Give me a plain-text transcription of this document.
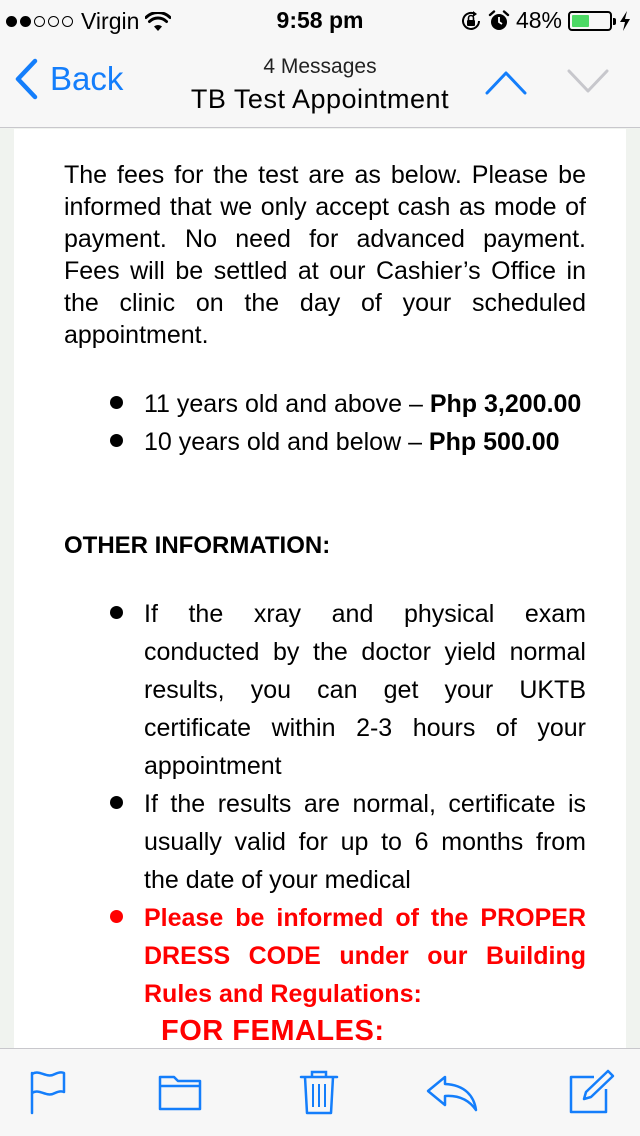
Virgin	9:58 pm	48%
Back	4 Messages
TB Test Appointment

The fees for the test are as below. Please be informed that we only accept cash as mode of payment. No need for advanced payment. Fees will be settled at our Cashier’s Office in the clinic on the day of your scheduled appointment.

11 years old and above – Php 3,200.00
10 years old and below – Php 500.00
OTHER INFORMATION:
If the xray and physical exam conducted by the doctor yield normal results, you can get your UKTB certificate within 2-3 hours of your appointment
If the results are normal, certificate is usually valid for up to 6 months from the date of your medical
Please be informed of the PROPER DRESS CODE under our Building Rules and Regulations:
FOR FEMALES:
